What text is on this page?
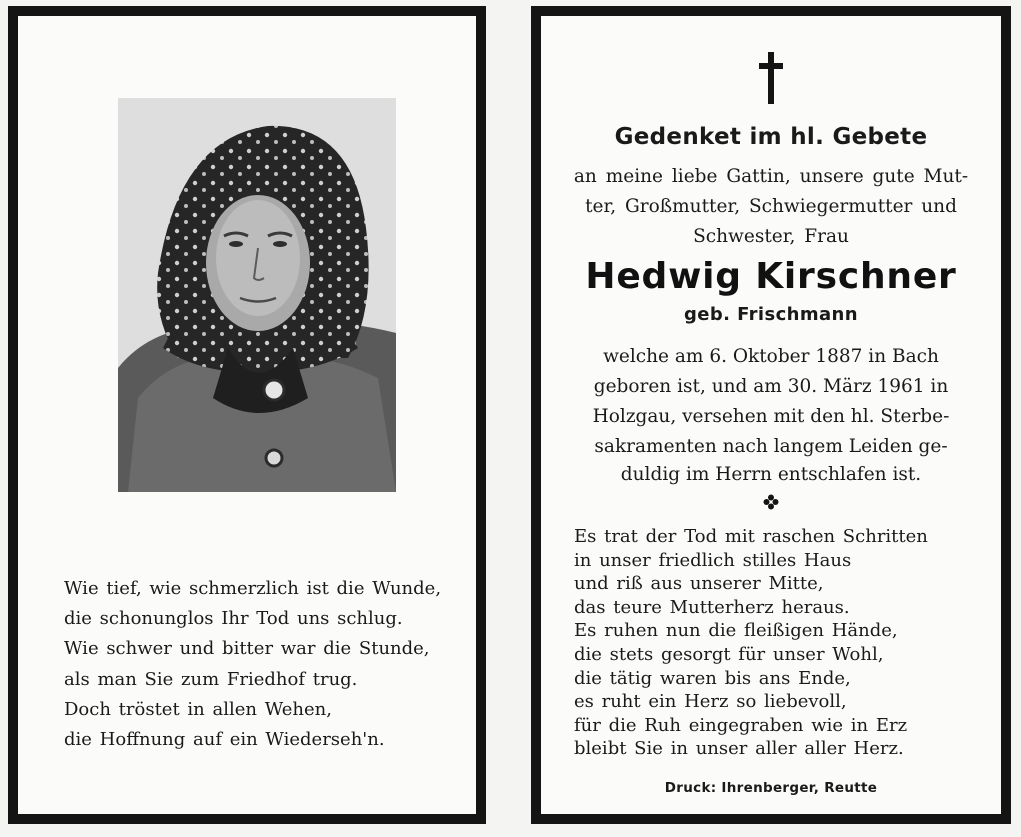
Wie tief, wie schmerzlich ist die Wunde,
die schonunglos Ihr Tod uns schlug.
Wie schwer und bitter war die Stunde,
als man Sie zum Friedhof trug.
Doch tröstet in allen Wehen,
die Hoffnung auf ein Wiederseh'n.
Gedenket im hl. Gebete
an meine liebe Gattin, unsere gute Mut-
ter, Großmutter, Schwiegermutter und
Schwester, Frau
Hedwig Kirschner
geb. Frischmann
welche am 6. Oktober 1887 in Bach
geboren ist, und am 30. März 1961 in
Holzgau, versehen mit den hl. Sterbe-
sakramenten nach langem Leiden ge-
duldig im Herrn entschlafen ist.
Es trat der Tod mit raschen Schritten
in unser friedlich stilles Haus
und riß aus unserer Mitte,
das teure Mutterherz heraus.
Es ruhen nun die fleißigen Hände,
die stets gesorgt für unser Wohl,
die tätig waren bis ans Ende,
es ruht ein Herz so liebevoll,
für die Ruh eingegraben wie in Erz
bleibt Sie in unser aller aller Herz.
Druck: Ihrenberger, Reutte
